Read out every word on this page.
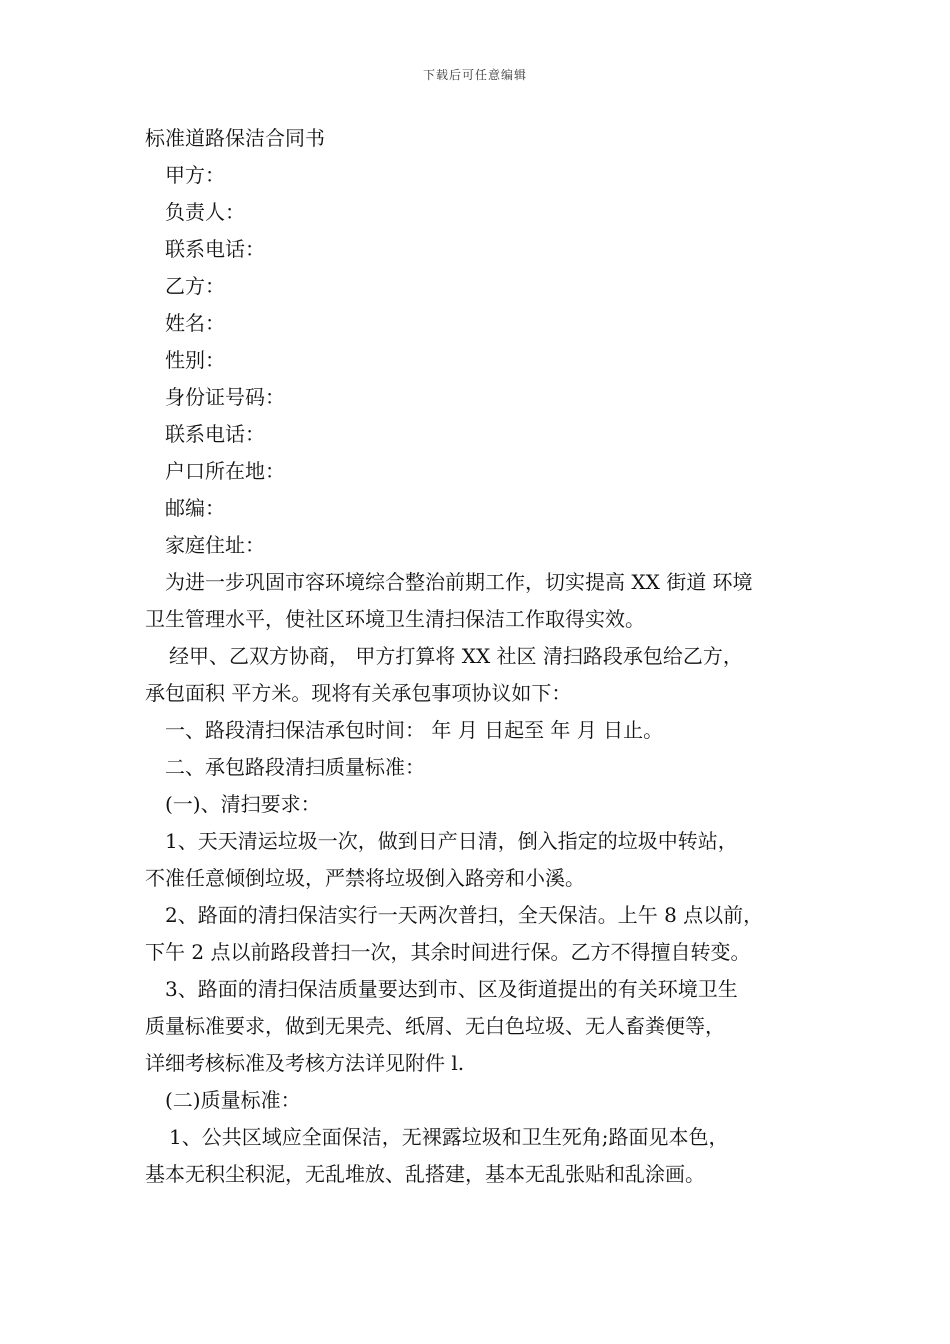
下载后可任意编辑
标准道路保洁合同书
甲方：
负责人：
联系电话：
乙方：
姓名：
性别：
身份证号码：
联系电话：
户口所在地：
邮编：
家庭住址：
为进一步巩固市容环境综合整治前期工作，切实提高 XX 街道 环境
卫生管理水平，使社区环境卫生清扫保洁工作取得实效。
经甲、乙双方协商， 甲方打算将 XX 社区 清扫路段承包给乙方，
承包面积 平方米。现将有关承包事项协议如下：
一、路段清扫保洁承包时间： 年 月 日起至 年 月 日止。
二、承包路段清扫质量标准：
(一)、清扫要求：
1、天天清运垃圾一次，做到日产日清，倒入指定的垃圾中转站，
不准任意倾倒垃圾，严禁将垃圾倒入路旁和小溪。
2、路面的清扫保洁实行一天两次普扫，全天保洁。上午 8 点以前，
下午 2 点以前路段普扫一次，其余时间进行保。乙方不得擅自转变。
3、路面的清扫保洁质量要达到市、区及街道提出的有关环境卫生
质量标准要求，做到无果壳、纸屑、无白色垃圾、无人畜粪便等，
详细考核标准及考核方法详见附件 l.
(二)质量标准：
1、公共区域应全面保洁，无裸露垃圾和卫生死角;路面见本色，
基本无积尘积泥，无乱堆放、乱搭建，基本无乱张贴和乱涂画。
